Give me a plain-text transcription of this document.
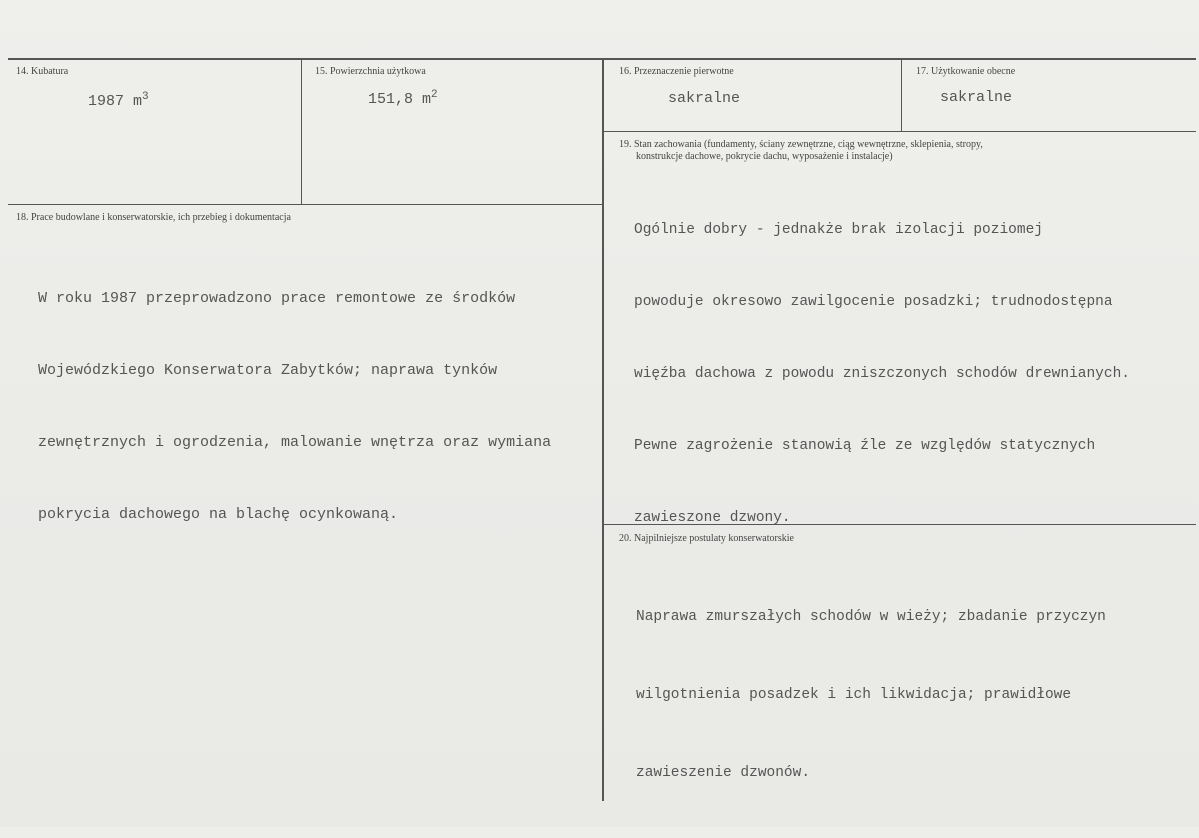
14. Kubatura
1987 $m^3$
15. Powierzchnia użytkowa
151,8 $m^2$
16. Przeznaczenie pierwotne
sakralne
17. Użytkowanie obecne
sakralne
18. Prace budowlane i konserwatorskie, ich przebieg i dokumentacja

W roku 1987 przeprowadzono prace remontowe ze środków

Wojewódzkiego Konserwatora Zabytków; naprawa tynków

zewnętrznych i ogrodzenia, malowanie wnętrza oraz wymiana

pokrycia dachowego na blachę ocynkowaną.

19. Stan zachowania (fundamenty, ściany zewnętrzne, ciąg wewnętrzne, sklepienia, stropy,
konstrukcje dachowe, pokrycie dachu, wyposażenie i instalacje)

Ogólnie dobry - jednakże brak izolacji poziomej

powoduje okresowo zawilgocenie posadzki; trudnodostępna

więźba dachowa z powodu zniszczonych schodów drewnianych.

Pewne zagrożenie stanowią źle ze względów statycznych

zawieszone dzwony.

20. Najpilniejsze postulaty konserwatorskie

Naprawa zmurszałych schodów w wieży; zbadanie przyczyn

wilgotnienia posadzek i ich likwidacja; prawidłowe

zawieszenie dzwonów.
